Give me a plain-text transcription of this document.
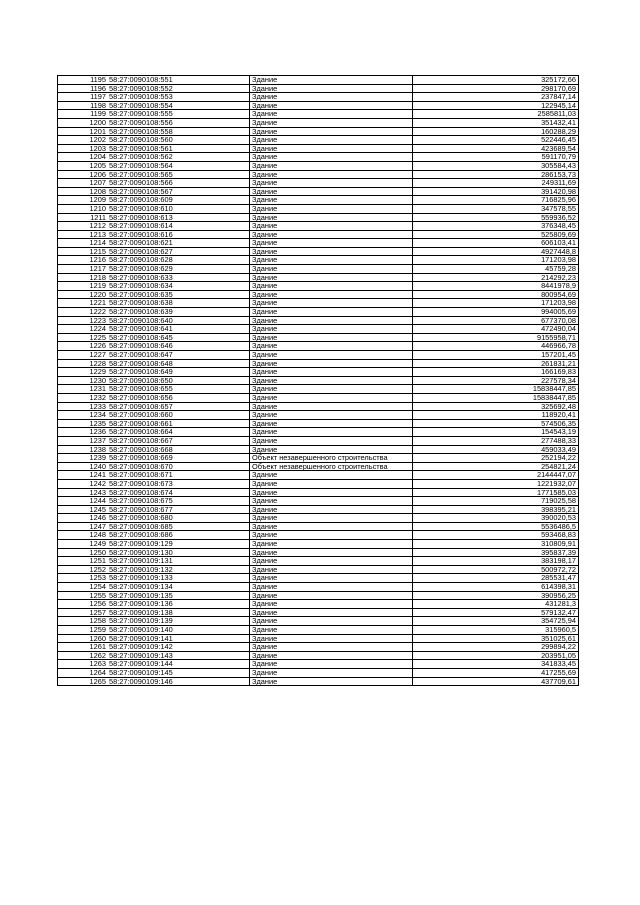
1195	58:27:0090108:551	Здание	325172,66
1196	58:27:0090108:552	Здание	298170,69
1197	58:27:0090108:553	Здание	237847,14
1198	58:27:0090108:554	Здание	122945,14
1199	58:27:0090108:555	Здание	2585811,03
1200	58:27:0090108:556	Здание	351432,41
1201	58:27:0090108:558	Здание	160288,29
1202	58:27:0090108:560	Здание	522446,45
1203	58:27:0090108:561	Здание	423689,54
1204	58:27:0090108:562	Здание	591170,79
1205	58:27:0090108:564	Здание	305584,43
1206	58:27:0090108:565	Здание	286153,73
1207	58:27:0090108:566	Здание	249311,69
1208	58:27:0090108:567	Здание	391420,98
1209	58:27:0090108:609	Здание	716825,96
1210	58:27:0090108:610	Здание	347578,55
1211	58:27:0090108:613	Здание	559936,52
1212	58:27:0090108:614	Здание	376348,45
1213	58:27:0090108:616	Здание	525809,69
1214	58:27:0090108:621	Здание	606103,41
1215	58:27:0090108:627	Здание	4927448,8
1216	58:27:0090108:628	Здание	171203,98
1217	58:27:0090108:629	Здание	45759,28
1218	58:27:0090108:633	Здание	214292,23
1219	58:27:0090108:634	Здание	8441978,9
1220	58:27:0090108:635	Здание	800954,69
1221	58:27:0090108:638	Здание	171203,98
1222	58:27:0090108:639	Здание	994005,69
1223	58:27:0090108:640	Здание	677370,08
1224	58:27:0090108:641	Здание	472490,04
1225	58:27:0090108:645	Здание	9155958,71
1226	58:27:0090108:646	Здание	446966,78
1227	58:27:0090108:647	Здание	157201,45
1228	58:27:0090108:648	Здание	261831,21
1229	58:27:0090108:649	Здание	166169,83
1230	58:27:0090108:650	Здание	227578,34
1231	58:27:0090108:655	Здание	15838447,85
1232	58:27:0090108:656	Здание	15838447,85
1233	58:27:0090108:657	Здание	325692,48
1234	58:27:0090108:660	Здание	118920,41
1235	58:27:0090108:661	Здание	574506,35
1236	58:27:0090108:664	Здание	154543,19
1237	58:27:0090108:667	Здание	277488,33
1238	58:27:0090108:668	Здание	459033,49
1239	58:27:0090108:669	Объект незавершенного строительства	252194,22
1240	58:27:0090108:670	Объект незавершенного строительства	254821,24
1241	58:27:0090108:671	Здание	2144447,07
1242	58:27:0090108:673	Здание	1221932,07
1243	58:27:0090108:674	Здание	1771585,03
1244	58:27:0090108:675	Здание	719025,58
1245	58:27:0090108:677	Здание	398395,21
1246	58:27:0090108:680	Здание	390020,53
1247	58:27:0090108:685	Здание	5536486,5
1248	58:27:0090108:686	Здание	593468,83
1249	58:27:0090109:129	Здание	310809,91
1250	58:27:0090109:130	Здание	395837,39
1251	58:27:0090109:131	Здание	383198,17
1252	58:27:0090109:132	Здание	500972,72
1253	58:27:0090109:133	Здание	285531,47
1254	58:27:0090109:134	Здание	614398,31
1255	58:27:0090109:135	Здание	390956,25
1256	58:27:0090109:136	Здание	431281,3
1257	58:27:0090109:138	Здание	579132,47
1258	58:27:0090109:139	Здание	354725,94
1259	58:27:0090109:140	Здание	315960,5
1260	58:27:0090109:141	Здание	351025,61
1261	58:27:0090109:142	Здание	299894,22
1262	58:27:0090109:143	Здание	203951,05
1263	58:27:0090109:144	Здание	341833,45
1264	58:27:0090109:145	Здание	417255,69
1265	58:27:0090109:146	Здание	437709,61
